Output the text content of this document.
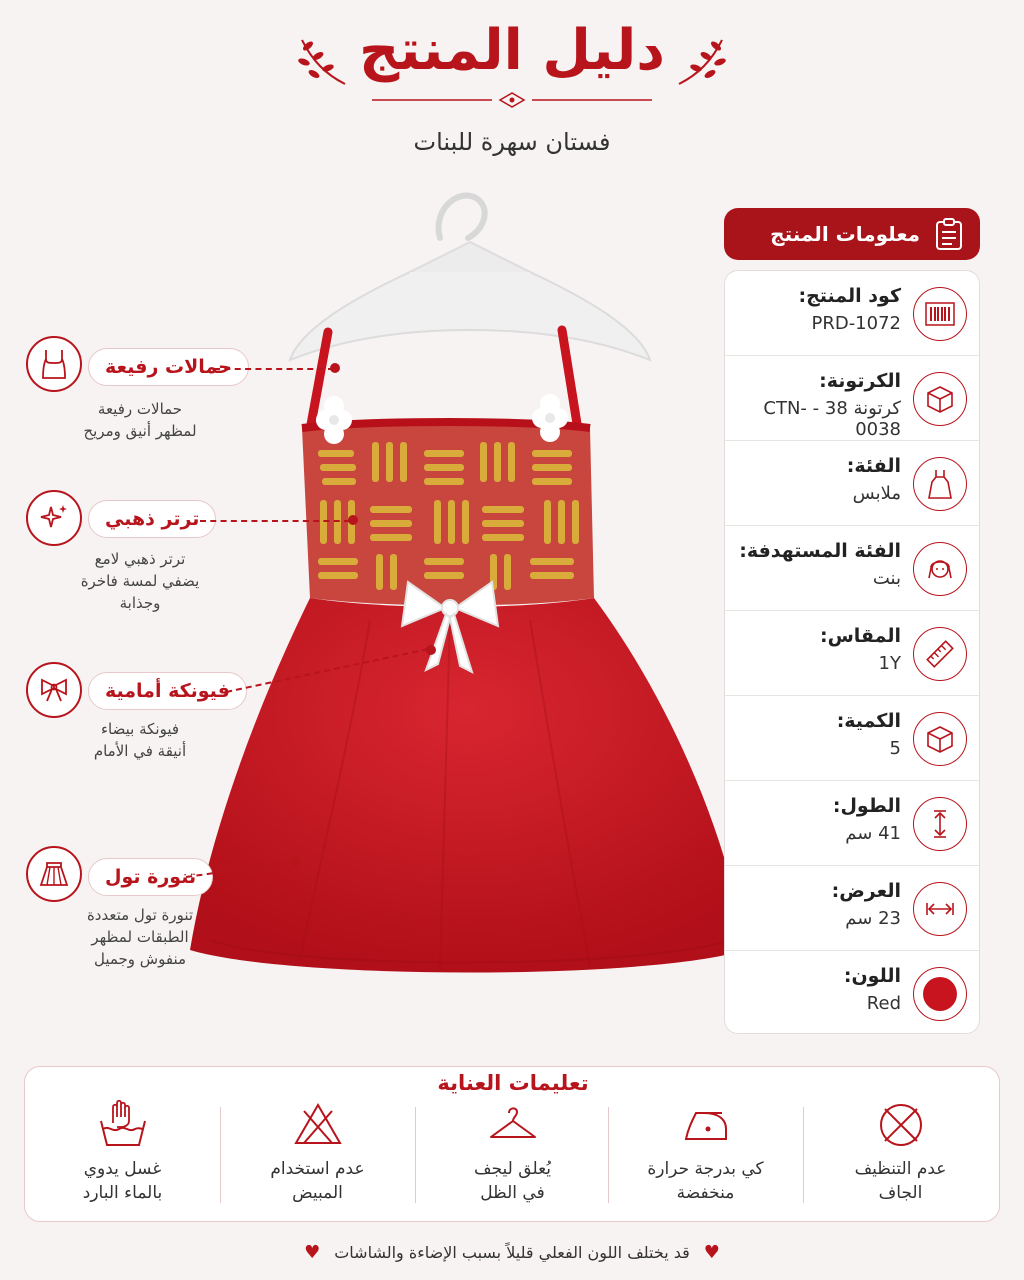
دليل المنتج
فستان سهرة للبنات
حمالات رفيعة
حمالات رفيعة
لمظهر أنيق ومريح
ترتر ذهبي
ترتر ذهبي لامع
يضفي لمسة فاخرة
وجذابة
فيونكة أمامية
فيونكة بيضاء
أنيقة في الأمام
تنورة تول
تنورة تول متعددة
الطبقات لمظهر
منفوش وجميل
معلومات المنتج
كود المنتج:
PRD-1072
الكرتونة:
كرتونة 38 - CTN-0038
الفئة:
ملابس
الفئة المستهدفة:
بنت
المقاس:
1Y
الكمية:
5
الطول:
41 سم
العرض:
23 سم
اللون:
Red
تعليمات العناية
عدم التنظيف
الجاف
كي بدرجة حرارة
منخفضة
يُعلق ليجف
في الظل
عدم استخدام
المبيض
غسل يدوي
بالماء البارد
♥
قد يختلف اللون الفعلي قليلاً بسبب الإضاءة والشاشات
♥
